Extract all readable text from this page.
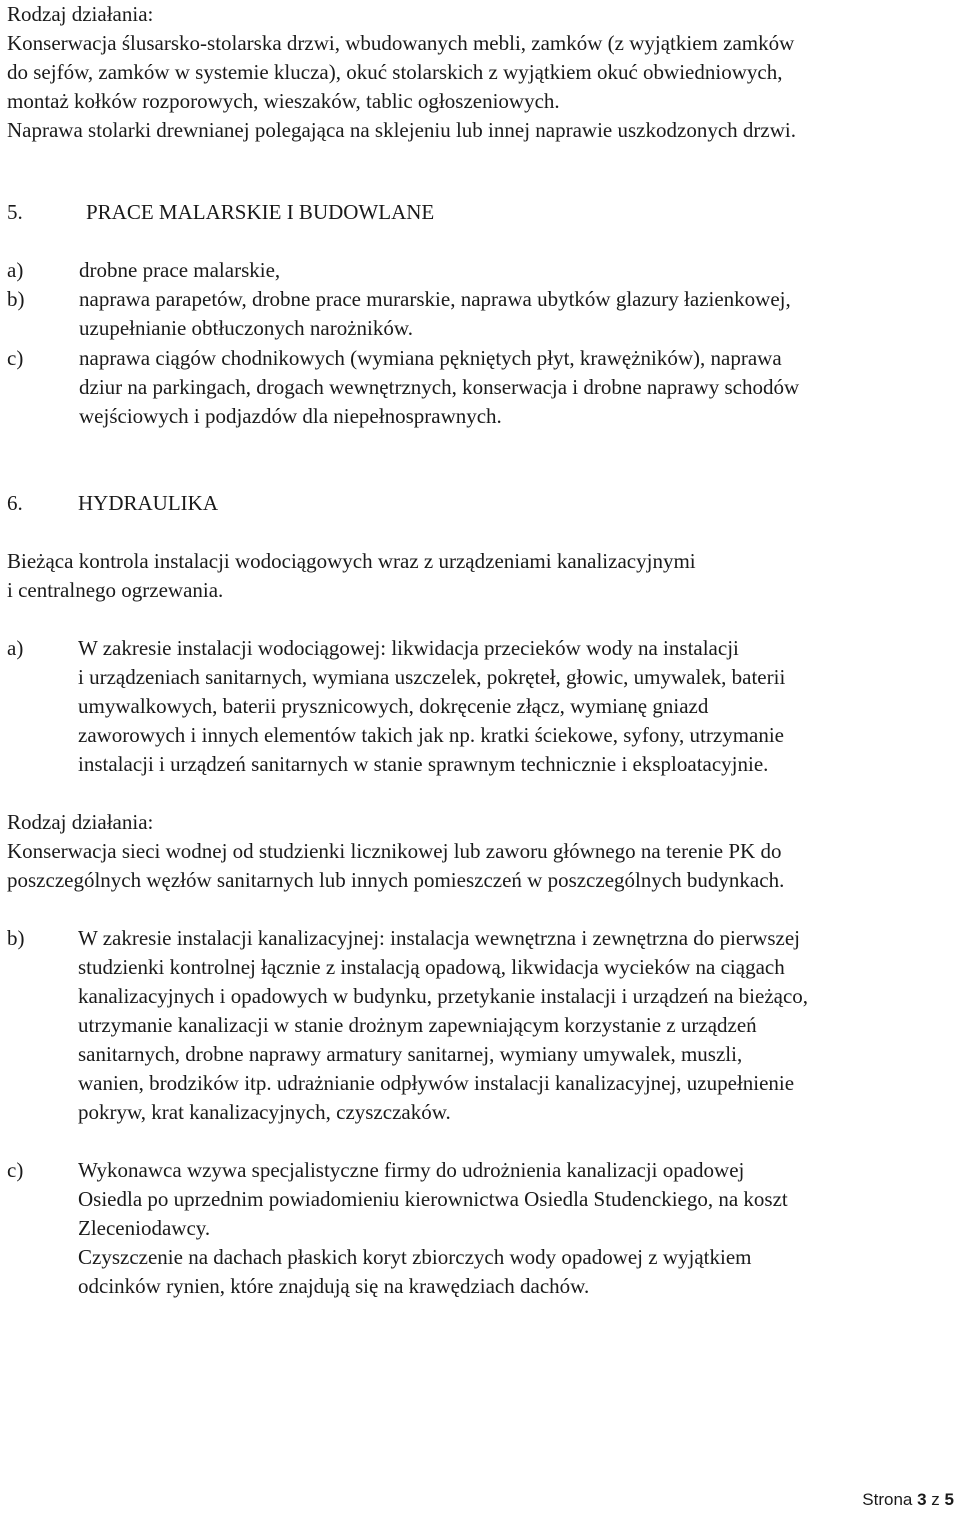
Rodzaj działania:
Konserwacja ślusarsko-stolarska drzwi, wbudowanych mebli, zamków (z wyjątkiem zamków
do sejfów, zamków w systemie klucza), okuć stolarskich z wyjątkiem okuć obwiedniowych,
montaż kołków rozporowych, wieszaków, tablic ogłoszeniowych.
Naprawa stolarki drewnianej polegająca na sklejeniu lub innej naprawie uszkodzonych drzwi.
5.	PRACE MALARSKIE I BUDOWLANE
a)	drobne prace malarskie,
b)	naprawa parapetów, drobne prace murarskie, naprawa ubytków glazury łazienkowej,
uzupełnianie obtłuczonych narożników.
c)	naprawa ciągów chodnikowych (wymiana pękniętych płyt, krawężników), naprawa
dziur na parkingach, drogach wewnętrznych, konserwacja i drobne naprawy schodów
wejściowych i podjazdów dla niepełnosprawnych.
6.	HYDRAULIKA
Bieżąca kontrola instalacji wodociągowych wraz z urządzeniami kanalizacyjnymi
i centralnego ogrzewania.
a)	W zakresie instalacji wodociągowej: likwidacja przecieków wody na instalacji
i urządzeniach sanitarnych, wymiana uszczelek, pokręteł, głowic, umywalek, baterii
umywalkowych, baterii prysznicowych, dokręcenie złącz, wymianę gniazd
zaworowych i innych elementów takich jak np. kratki ściekowe, syfony, utrzymanie
instalacji i urządzeń sanitarnych w stanie sprawnym technicznie i eksploatacyjnie.
Rodzaj działania:
Konserwacja sieci wodnej od studzienki licznikowej lub zaworu głównego na terenie PK do
poszczególnych węzłów sanitarnych lub innych pomieszczeń w poszczególnych budynkach.
b)	W zakresie instalacji kanalizacyjnej: instalacja wewnętrzna i zewnętrzna do pierwszej
studzienki kontrolnej łącznie z instalacją opadową, likwidacja wycieków na ciągach
kanalizacyjnych i opadowych w budynku, przetykanie instalacji i urządzeń na bieżąco,
utrzymanie kanalizacji w stanie drożnym zapewniającym korzystanie z urządzeń
sanitarnych, drobne naprawy armatury sanitarnej, wymiany umywalek, muszli,
wanien, brodzików itp. udrażnianie odpływów instalacji kanalizacyjnej, uzupełnienie
pokryw, krat kanalizacyjnych, czyszczaków.
c)	Wykonawca wzywa specjalistyczne firmy do udrożnienia kanalizacji opadowej
Osiedla po uprzednim powiadomieniu kierownictwa Osiedla Studenckiego, na koszt
Zleceniodawcy.
Czyszczenie na dachach płaskich koryt zbiorczych wody opadowej z wyjątkiem
odcinków rynien, które znajdują się na krawędziach dachów.
Strona 3 z 5
